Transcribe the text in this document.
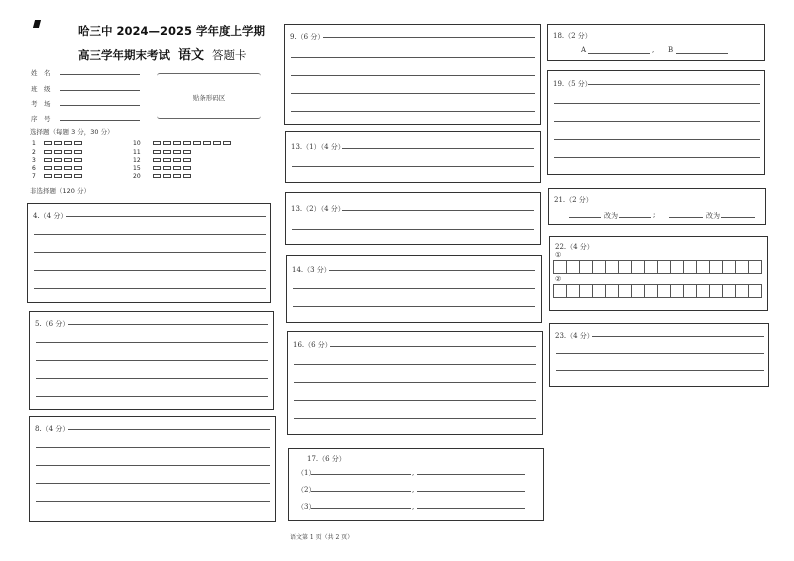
哈三中 2024—2025 学年度上学期
高三学年期末考试 语文 答题卡
姓　名
班　级
考　场
序　号
贴条形码区
选择题（每题 3 分，30 分）
1
2
3
6
7
10
11
12
15
20
非选择题（120 分）
4.（4 分）
5.（6 分）
8.（4 分）
9.（6 分）
13.（1）（4 分）
13.（2）（4 分）
14.（3 分）
16.（6 分）
17.（6 分）
（1）	,
（2）	,
（3）	,
语文第 1 页（共 2 页）
18.（2 分）
A	, B
19.（5 分）
21.（2 分）
改为	;	改为
22.（4 分）
①
②
23.（4 分）
